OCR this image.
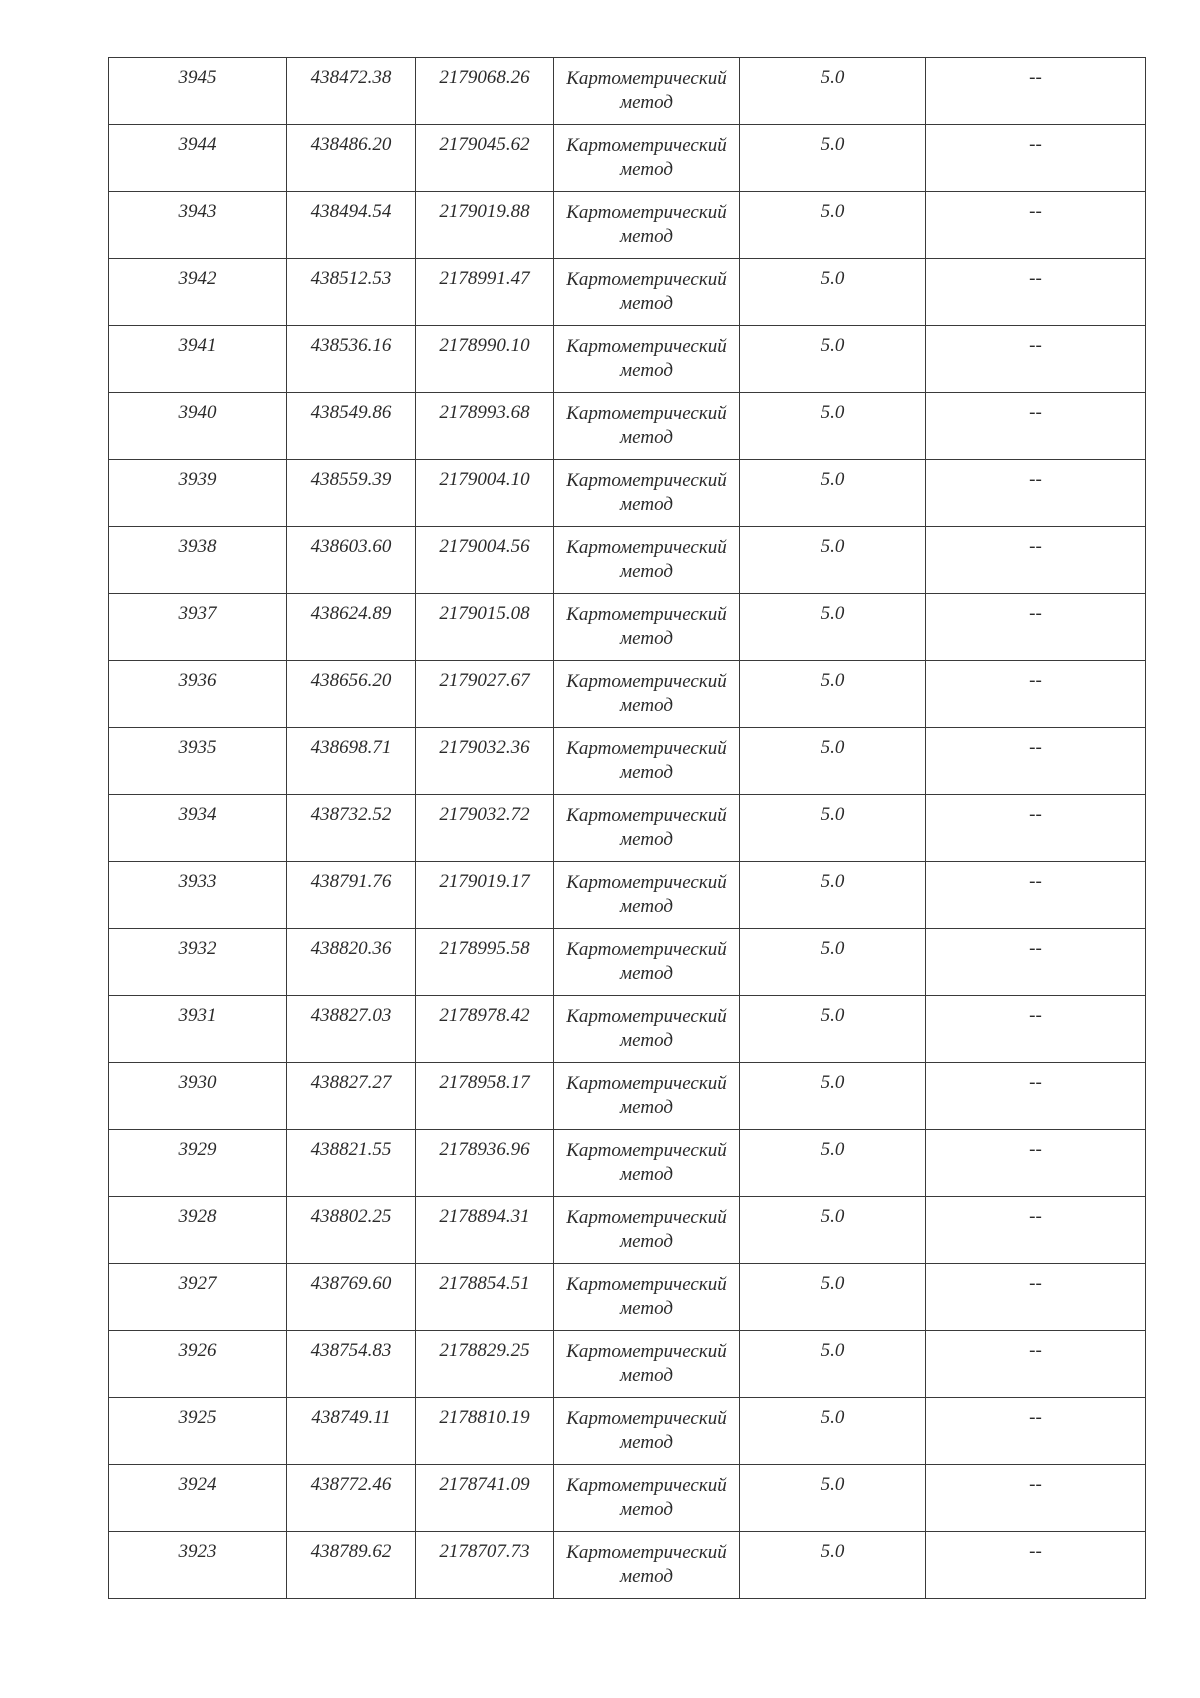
3945	438472.38	2179068.26	Картометрический
метод	5.0	--

3944	438486.20	2179045.62	Картометрический
метод	5.0	--

3943	438494.54	2179019.88	Картометрический
метод	5.0	--

3942	438512.53	2178991.47	Картометрический
метод	5.0	--

3941	438536.16	2178990.10	Картометрический
метод	5.0	--

3940	438549.86	2178993.68	Картометрический
метод	5.0	--

3939	438559.39	2179004.10	Картометрический
метод	5.0	--

3938	438603.60	2179004.56	Картометрический
метод	5.0	--

3937	438624.89	2179015.08	Картометрический
метод	5.0	--

3936	438656.20	2179027.67	Картометрический
метод	5.0	--

3935	438698.71	2179032.36	Картометрический
метод	5.0	--

3934	438732.52	2179032.72	Картометрический
метод	5.0	--

3933	438791.76	2179019.17	Картометрический
метод	5.0	--

3932	438820.36	2178995.58	Картометрический
метод	5.0	--

3931	438827.03	2178978.42	Картометрический
метод	5.0	--

3930	438827.27	2178958.17	Картометрический
метод	5.0	--

3929	438821.55	2178936.96	Картометрический
метод	5.0	--

3928	438802.25	2178894.31	Картометрический
метод	5.0	--

3927	438769.60	2178854.51	Картометрический
метод	5.0	--

3926	438754.83	2178829.25	Картометрический
метод	5.0	--

3925	438749.11	2178810.19	Картометрический
метод	5.0	--

3924	438772.46	2178741.09	Картометрический
метод	5.0	--

3923	438789.62	2178707.73	Картометрический
метод	5.0	--
